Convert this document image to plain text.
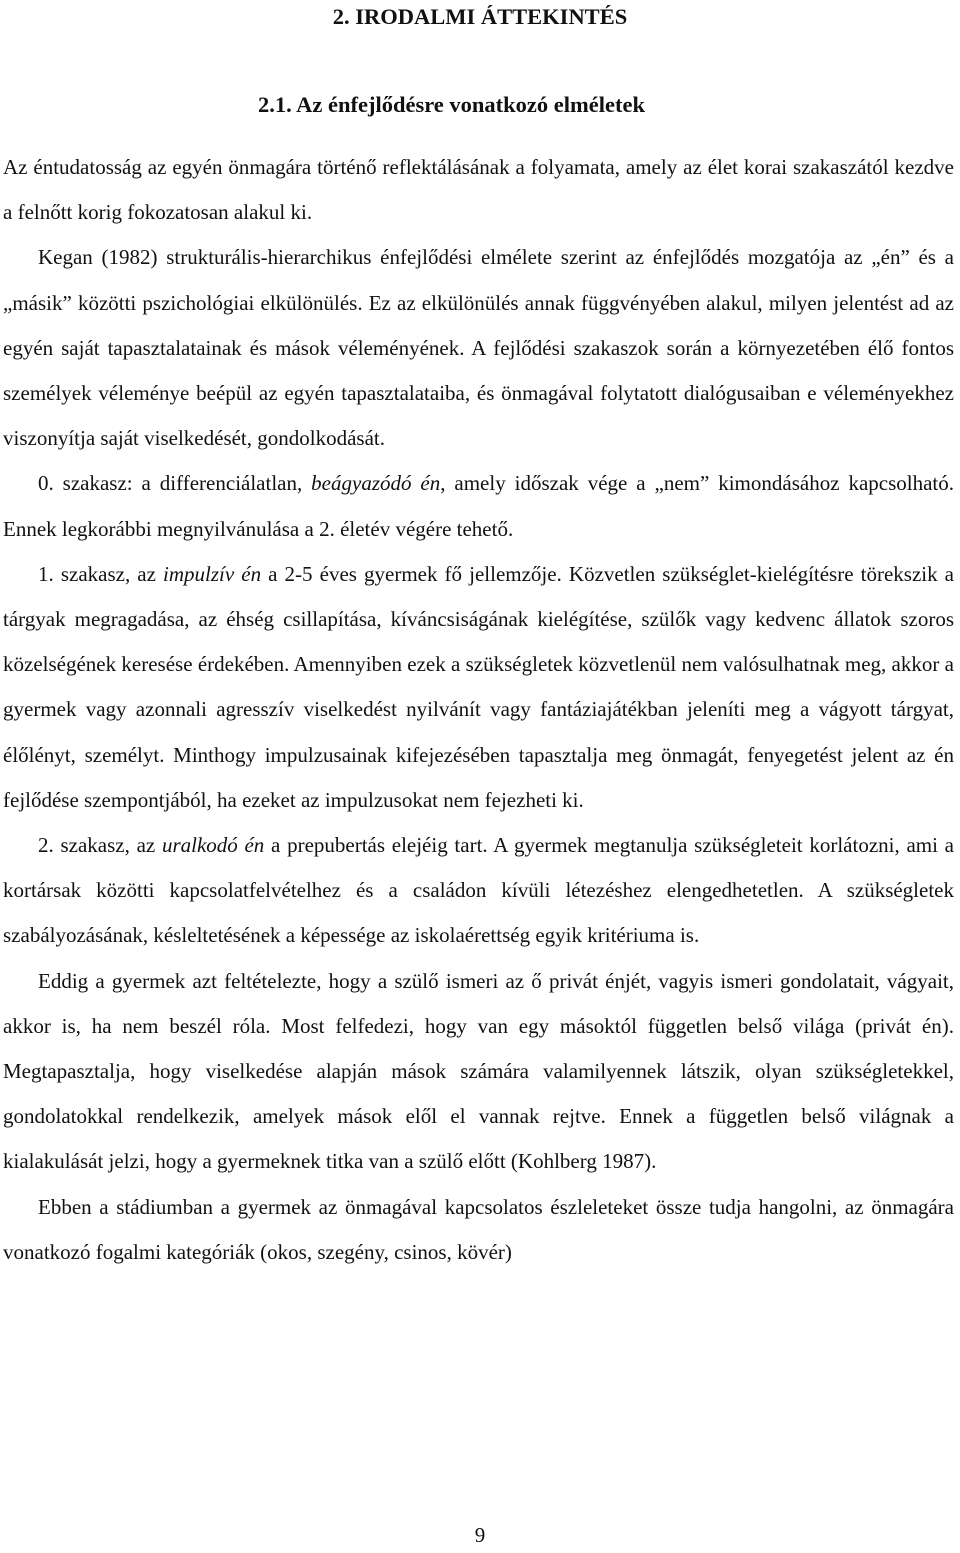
2. IRODALMI ÁTTEKINTÉS
2.1. Az énfejlődésre vonatkozó elméletek

Az éntudatosság az egyén önmagára történő reflektálásának a folyamata, amely az élet korai szakaszától kezdve a felnőtt korig fokozatosan alakul ki.

Kegan (1982) strukturális-hierarchikus énfejlődési elmélete szerint az énfejlődés mozgatója az „én” és a „másik” közötti pszichológiai elkülönülés. Ez az elkülönülés annak függvényében alakul, milyen jelentést ad az egyén saját tapasztalatainak és mások véleményének. A fejlődési szakaszok során a környezetében élő fontos személyek véleménye beépül az egyén tapasztalataiba, és önmagával folytatott dialógusaiban e véleményekhez viszonyítja saját viselkedését, gondolkodását.

0. szakasz: a differenciálatlan, beágyazódó én, amely időszak vége a „nem” kimondásához kapcsolható. Ennek legkorábbi megnyilvánulása a 2. életév végére tehető.

1. szakasz, az impulzív én a 2-5 éves gyermek fő jellemzője. Közvetlen szükséglet-kielégítésre törekszik a tárgyak megragadása, az éhség csillapítása, kíváncsiságának kielégítése, szülők vagy kedvenc állatok szoros közelségének keresése érdekében. Amennyiben ezek a szükségletek közvetlenül nem valósulhatnak meg, akkor a gyermek vagy azonnali agresszív viselkedést nyilvánít vagy fantáziajátékban jeleníti meg a vágyott tárgyat, élőlényt, személyt. Minthogy impulzusainak kifejezésében tapasztalja meg önmagát, fenyegetést jelent az én fejlődése szempontjából, ha ezeket az impulzusokat nem fejezheti ki.

2. szakasz, az uralkodó én a prepubertás elejéig tart. A gyermek megtanulja szükségleteit korlátozni, ami a kortársak közötti kapcsolatfelvételhez és a családon kívüli létezéshez elengedhetetlen. A szükségletek szabályozásának, késleltetésének a képessége az iskolaérettség egyik kritériuma is.

Eddig a gyermek azt feltételezte, hogy a szülő ismeri az ő privát énjét, vagyis ismeri gondolatait, vágyait, akkor is, ha nem beszél róla. Most felfedezi, hogy van egy másoktól független belső világa (privát én). Megtapasztalja, hogy viselkedése alapján mások számára valamilyennek látszik, olyan szükségletekkel, gondolatokkal rendelkezik, amelyek mások elől el vannak rejtve. Ennek a független belső világnak a kialakulását jelzi, hogy a gyermeknek titka van a szülő előtt (Kohlberg 1987).

Ebben a stádiumban a gyermek az önmagával kapcsolatos észleleteket össze tudja hangolni, az önmagára vonatkozó fogalmi kategóriák (okos, szegény, csinos, kövér)

9
